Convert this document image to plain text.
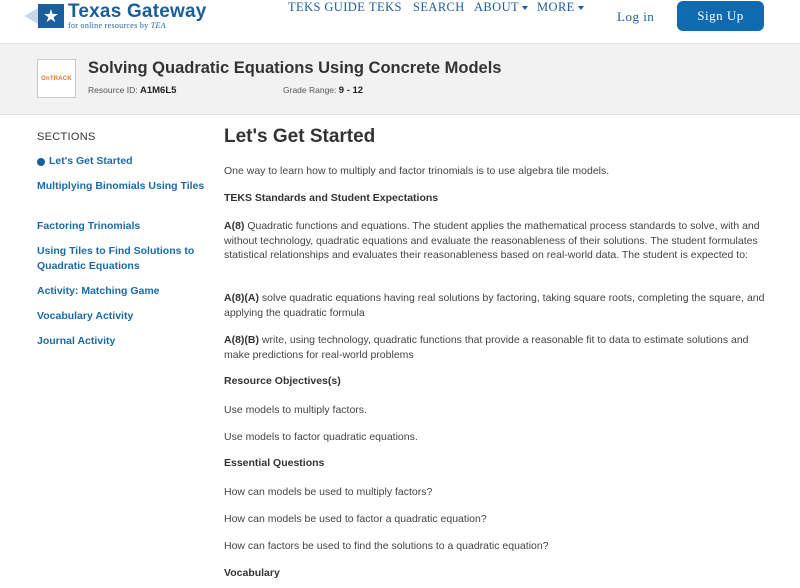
★ Texas Gateway
for online resources by TEA
TEKS GUIDE TEKS SEARCH ABOUT	MORE
Log in	Sign Up
OnTRACK
Solving Quadratic Equations Using Concrete Models
Resource ID: A1M6L5	Grade Range: 9 - 12
SECTIONS
Let's Get Started
Multiplying Binomials Using Tiles
Factoring Trinomials
Using Tiles to Find Solutions to Quadratic Equations
Activity: Matching Game
Vocabulary Activity
Journal Activity
Let's Get Started
One way to learn how to multiply and factor trinomials is to use algebra tile models.
TEKS Standards and Student Expectations
A(8) Quadratic functions and equations. The student applies the mathematical process standards to solve, with and without technology, quadratic equations and evaluate the reasonableness of their solutions. The student formulates statistical relationships and evaluates their reasonableness based on real-world data. The student is expected to:
A(8)(A) solve quadratic equations having real solutions by factoring, taking square roots, completing the square, and applying the quadratic formula
A(8)(B) write, using technology, quadratic functions that provide a reasonable fit to data to estimate solutions and make predictions for real-world problems
Resource Objectives(s)
Use models to multiply factors.
Use models to factor quadratic equations.
Essential Questions
How can models be used to multiply factors?
How can models be used to factor a quadratic equation?
How can factors be used to find the solutions to a quadratic equation?
Vocabulary
